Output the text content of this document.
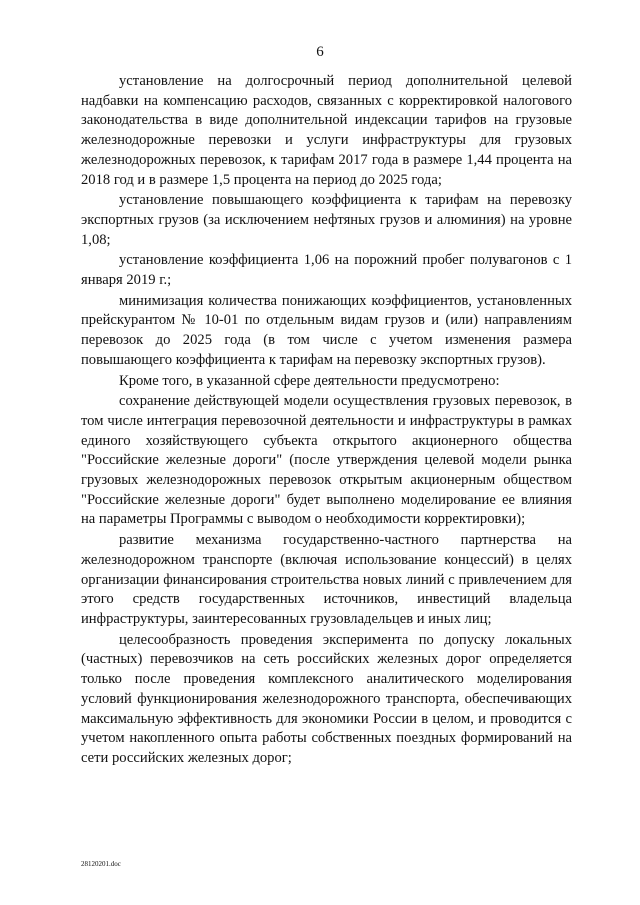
6

установление на долгосрочный период дополнительной целевой надбавки на компенсацию расходов, связанных с корректировкой налогового законодательства в виде дополнительной индексации тарифов на грузовые железнодорожные перевозки и услуги инфраструктуры для грузовых железнодорожных перевозок, к тарифам 2017 года в размере 1,44 процента на 2018 год и в размере 1,5 процента на период до 2025 года;

установление повышающего коэффициента к тарифам на перевозку экспортных грузов (за исключением нефтяных грузов и алюминия) на уровне 1,08;

установление коэффициента 1,06 на порожний пробег полувагонов с 1 января 2019 г.;

минимизация количества понижающих коэффициентов, установленных прейскурантом № 10-01 по отдельным видам грузов и (или) направлениям перевозок до 2025 года (в том числе с учетом изменения размера повышающего коэффициента к тарифам на перевозку экспортных грузов).

Кроме того, в указанной сфере деятельности предусмотрено:

сохранение действующей модели осуществления грузовых перевозок, в том числе интеграция перевозочной деятельности и инфраструктуры в рамках единого хозяйствующего субъекта открытого акционерного общества "Российские железные дороги" (после утверждения целевой модели рынка грузовых железнодорожных перевозок открытым акционерным обществом "Российские железные дороги" будет выполнено моделирование ее влияния на параметры Программы с выводом о необходимости корректировки);

развитие механизма государственно-частного партнерства на железнодорожном транспорте (включая использование концессий) в целях организации финансирования строительства новых линий с привлечением для этого средств государственных источников, инвестиций владельца инфраструктуры, заинтересованных грузовладельцев и иных лиц;

целесообразность проведения эксперимента по допуску локальных (частных) перевозчиков на сеть российских железных дорог определяется только после проведения комплексного аналитического моделирования условий функционирования железнодорожного транспорта, обеспечивающих максимальную эффективность для экономики России в целом, и проводится с учетом накопленного опыта работы собственных поездных формирований на сети российских железных дорог;

28120201.doc
